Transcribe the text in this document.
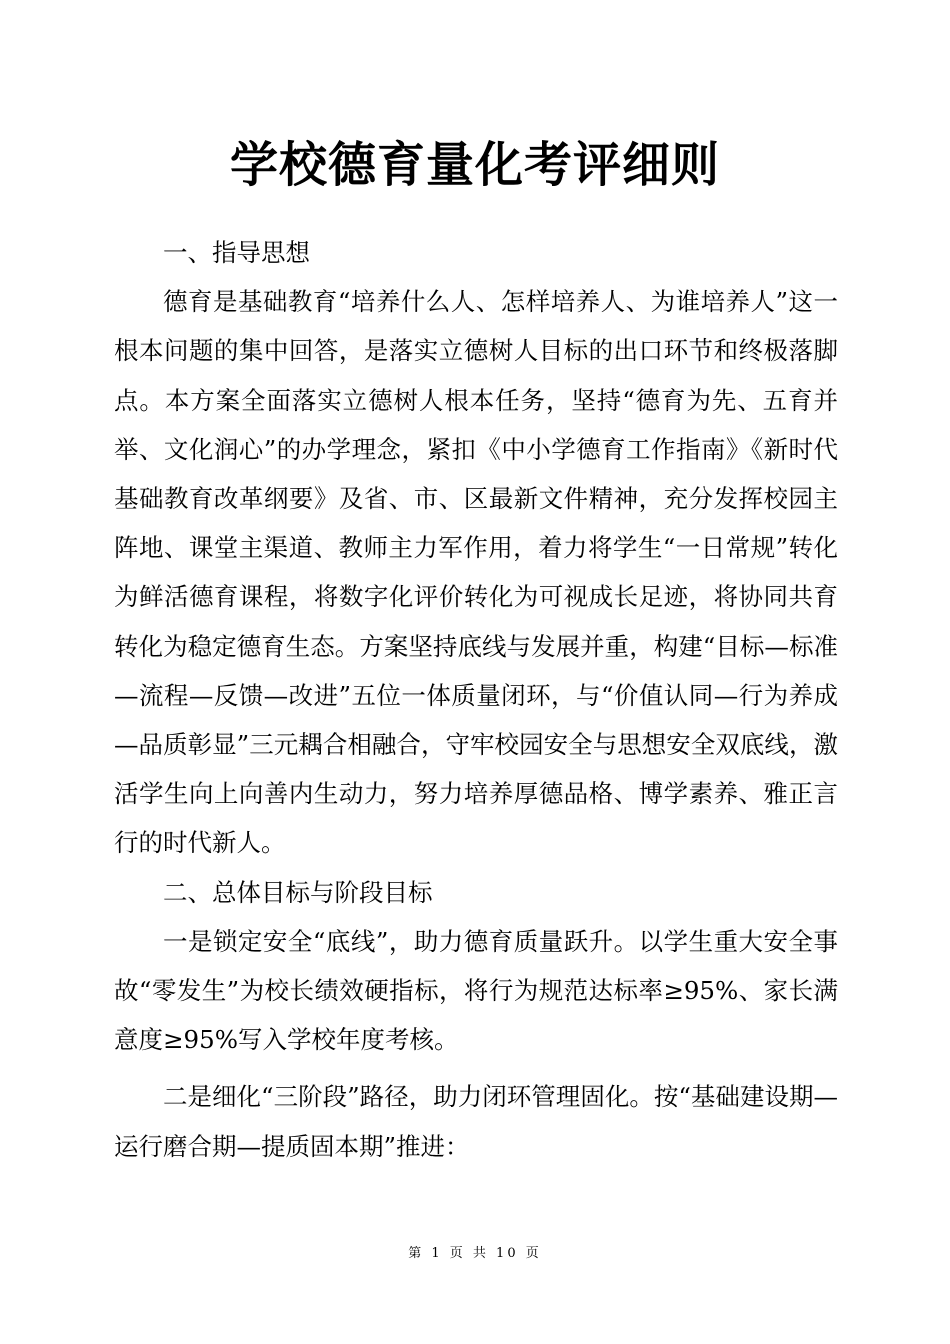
学校德育量化考评细则

一、指导思想

德育是基础教育“培养什么人、怎样培养人、为谁培养人”这一根本问题的集中回答，是落实立德树人目标的出口环节和终极落脚点。本方案全面落实立德树人根本任务，坚持“德育为先、五育并举、文化润心”的办学理念，紧扣《中小学德育工作指南》《新时代基础教育改革纲要》及省、市、区最新文件精神，充分发挥校园主阵地、课堂主渠道、教师主力军作用，着力将学生“一日常规”转化为鲜活德育课程，将数字化评价转化为可视成长足迹，将协同共育转化为稳定德育生态。方案坚持底线与发展并重，构建“目标—标准—流程—反馈—改进”五位一体质量闭环，与“价值认同—行为养成—品质彰显”三元耦合相融合，守牢校园安全与思想安全双底线，激活学生向上向善内生动力，努力培养厚德品格、博学素养、雅正言行的时代新人。

二、总体目标与阶段目标

一是锁定安全“底线”，助力德育质量跃升。以学生重大安全事故“零发生”为校长绩效硬指标，将行为规范达标率≥95%、家长满意度≥95%写入学校年度考核。

二是细化“三阶段”路径，助力闭环管理固化。按“基础建设期—运行磨合期—提质固本期”推进：

第 1 页 共 10 页
